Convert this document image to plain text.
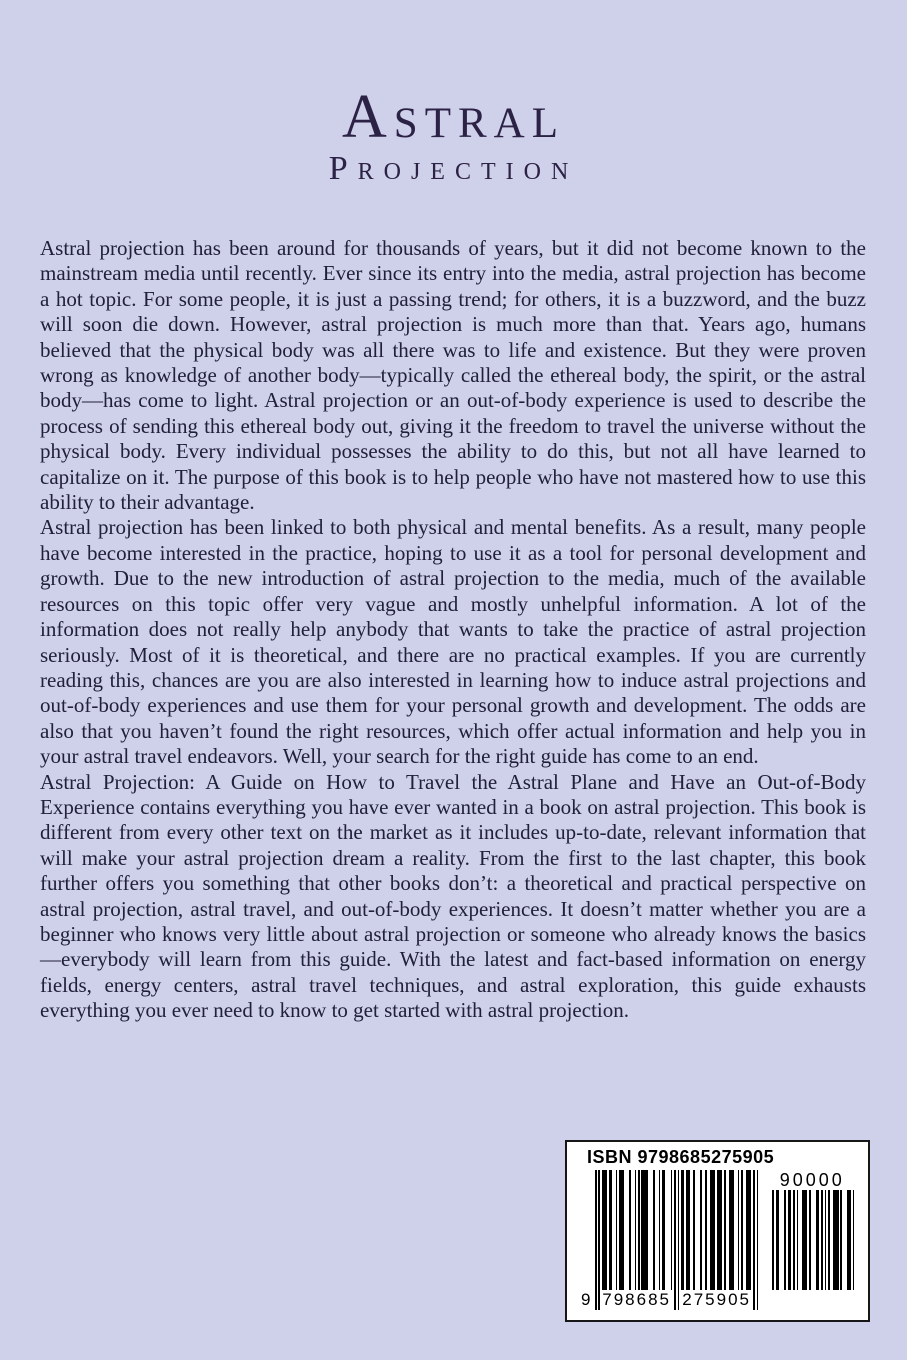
Astral
Projection

Astral projection has been around for thousands of years, but it did not become known to the mainstream media until recently. Ever since its entry into the media, astral projection has become a hot topic. For some people, it is just a passing trend; for others, it is a buzzword, and the buzz will soon die down. However, astral projection is much more than that. Years ago, humans believed that the physical body was all there was to life and existence. But they were proven wrong as knowledge of another body—typically called the ethereal body, the spirit, or the astral body—has come to light. Astral projection or an out-of-body experience is used to describe the process of sending this ethereal body out, giving it the freedom to travel the universe without the physical body. Every individual possesses the ability to do this, but not all have learned to capitalize on it. The purpose of this book is to help people who have not mastered how to use this ability to their advantage.

Astral projection has been linked to both physical and mental benefits. As a result, many people have become interested in the practice, hoping to use it as a tool for personal development and growth. Due to the new introduction of astral projection to the media, much of the available resources on this topic offer very vague and mostly unhelpful information. A lot of the information does not really help anybody that wants to take the practice of astral projection seriously. Most of it is theoretical, and there are no practical examples. If you are currently reading this, chances are you are also interested in learning how to induce astral projections and out-of-body experiences and use them for your personal growth and development. The odds are also that you haven’t found the right resources, which offer actual information and help you in your astral travel endeavors. Well, your search for the right guide has come to an end.

Astral Projection: A Guide on How to Travel the Astral Plane and Have an Out-of-Body Experience contains everything you have ever wanted in a book on astral projection. This book is different from every other text on the market as it includes up-to-date, relevant information that will make your astral projection dream a reality. From the first to the last chapter, this book further offers you something that other books don’t: a theoretical and practical perspective on astral projection, astral travel, and out-of-body experiences. It doesn’t matter whether you are a beginner who knows very little about astral projection or someone who already knows the basics—everybody will learn from this guide. With the latest and fact-based information on energy fields, energy centers, astral travel techniques, and astral exploration, this guide exhausts everything you ever need to know to get started with astral projection.

ISBN 9798685275905
9 798685 275905
90000
